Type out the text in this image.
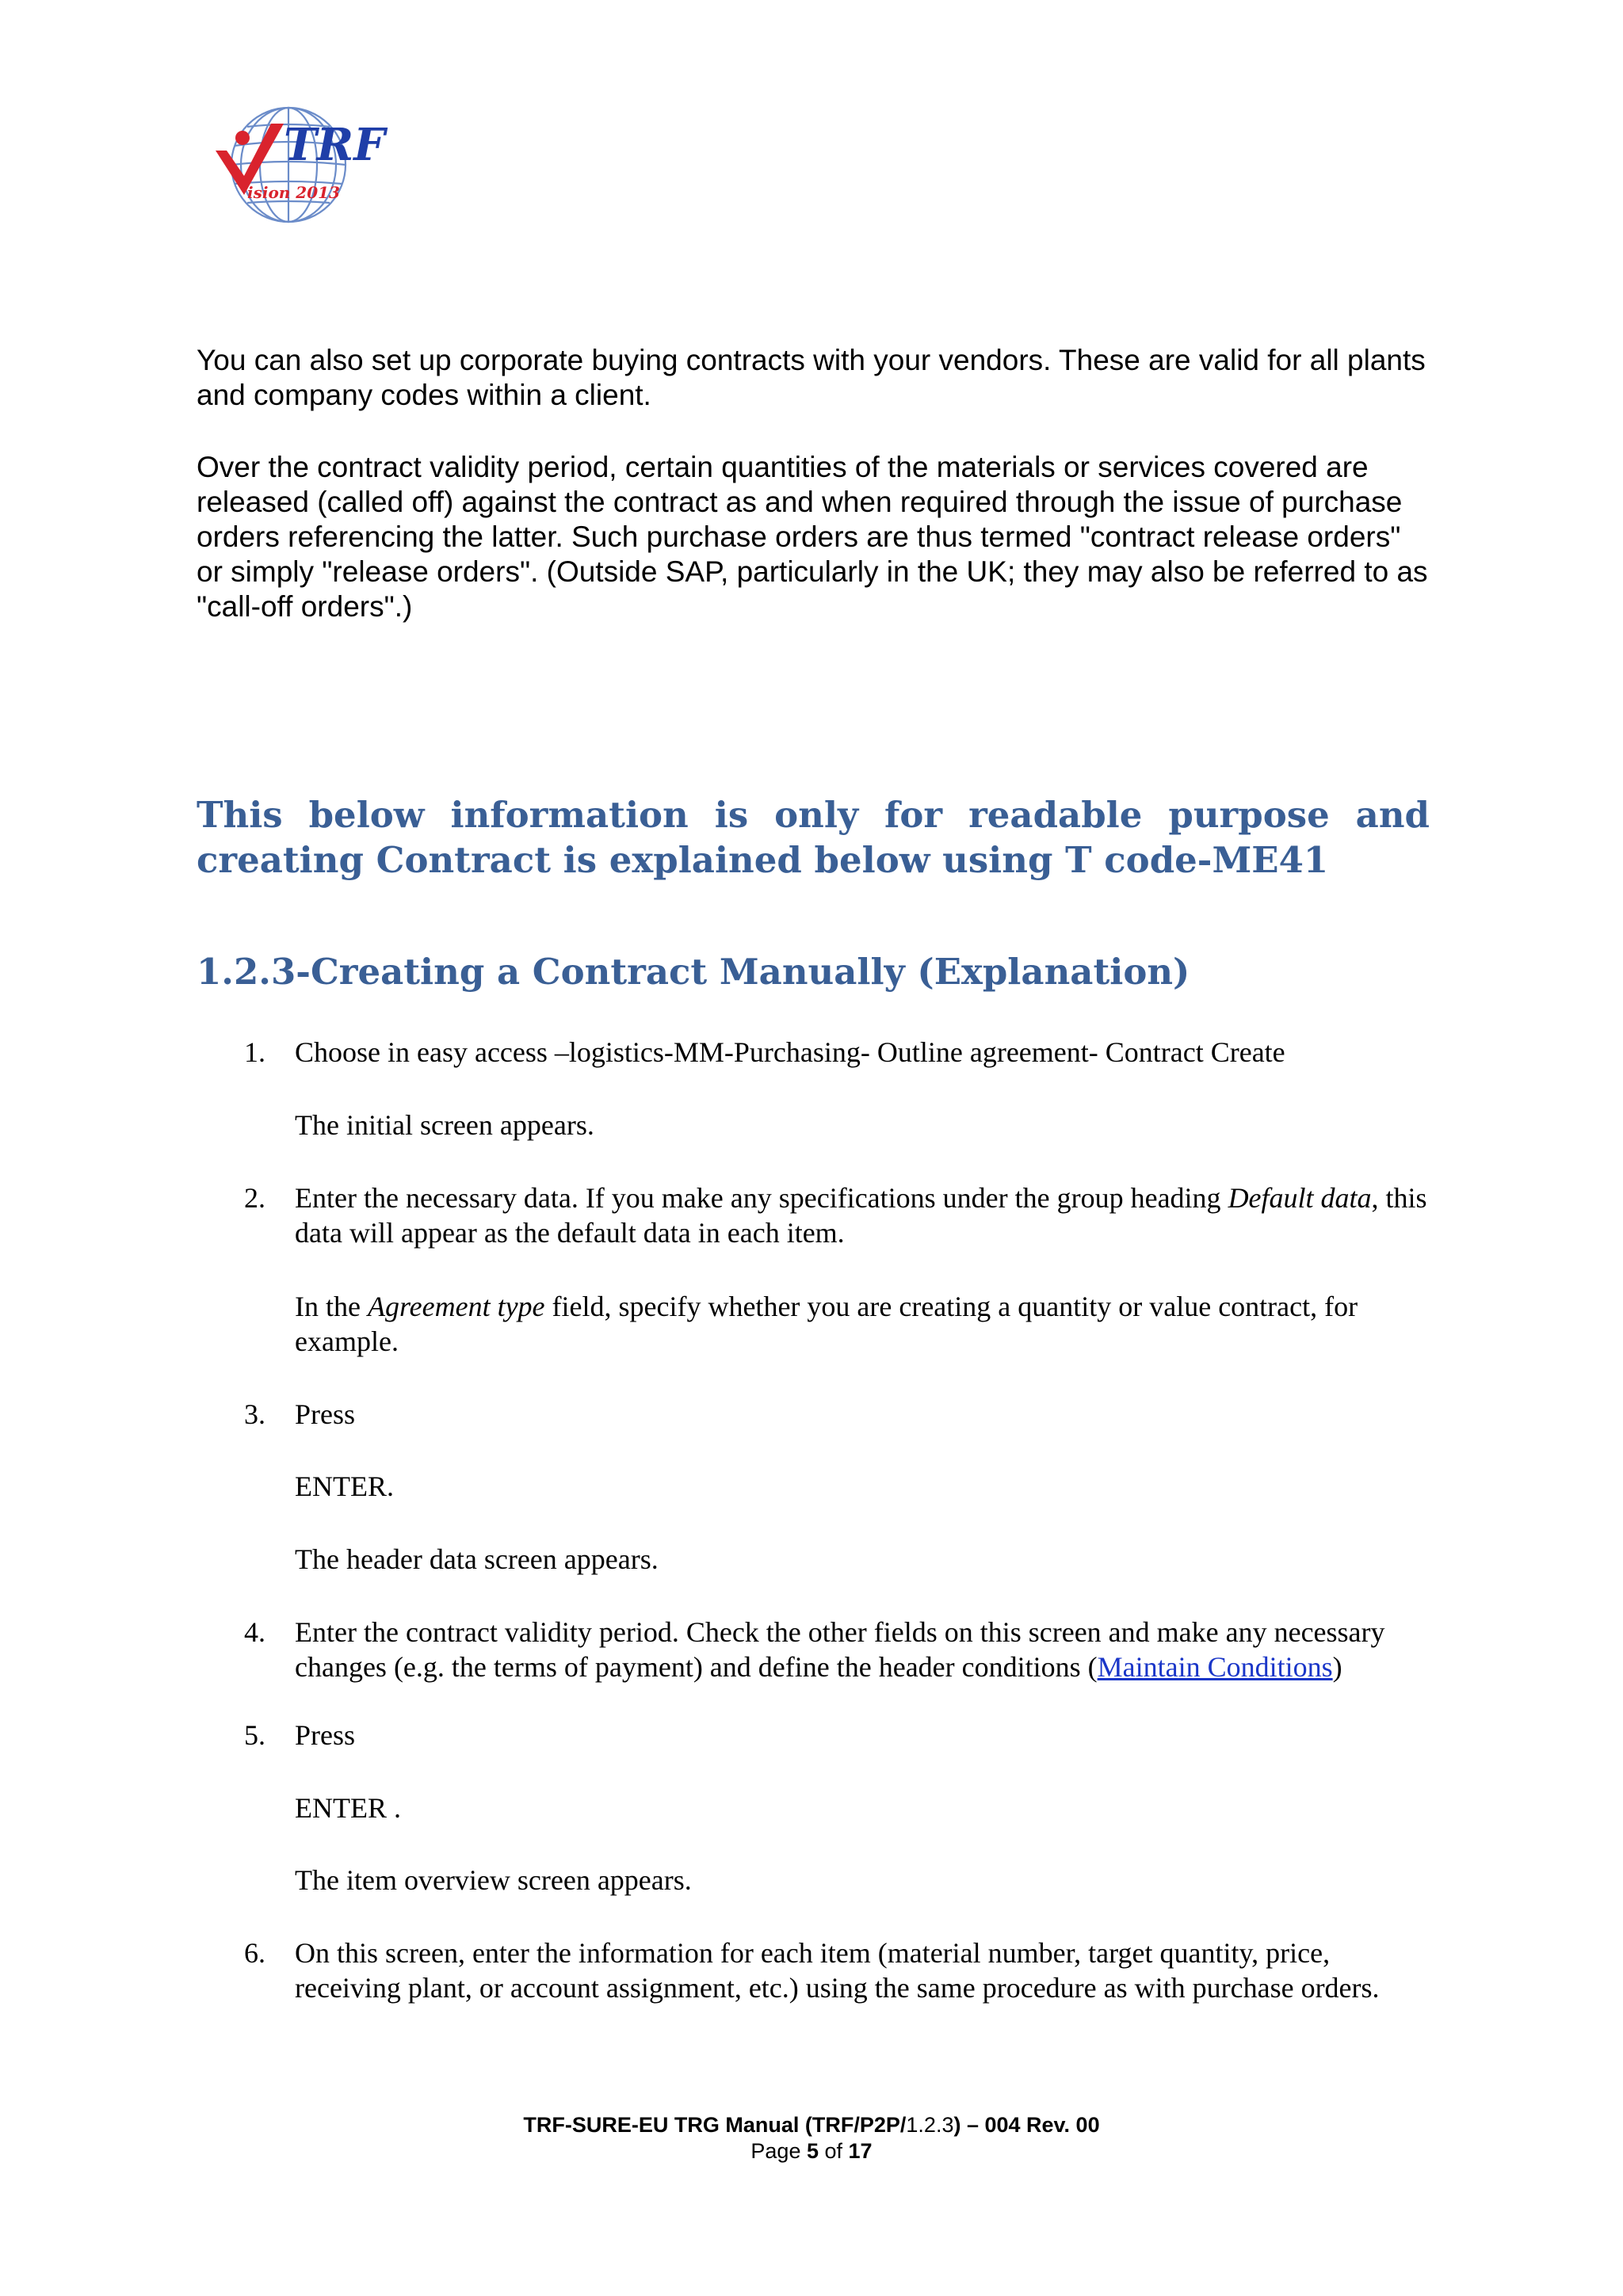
TRF
ision 2013

You can also set up corporate buying contracts with your vendors. These are valid for all plants and company codes within a client.

Over the contract validity period, certain quantities of the materials or services covered are released (called off) against the contract as and when required through the issue of purchase orders referencing the latter. Such purchase orders are thus termed "contract release orders" or simply "release orders". (Outside SAP, particularly in the UK; they may also be referred to as "call-off orders".)

This below information is only for readable purpose and creating Contract is explained below using T code-ME41
1.2.3-Creating a Contract Manually (Explanation)
1.	Choose in easy access –logistics-MM-Purchasing- Outline agreement- Contract Create

The initial screen appears.

2.	Enter the necessary data. If you make any specifications under the group heading Default data, this data will appear as the default data in each item.

In the Agreement type field, specify whether you are creating a quantity or value contract, for example.

3.	Press

ENTER.

The header data screen appears.

4.	Enter the contract validity period. Check the other fields on this screen and make any necessary changes (e.g. the terms of payment) and define the header conditions (Maintain Conditions)

5.	Press

ENTER .

The item overview screen appears.

6.	On this screen, enter the information for each item (material number, target quantity, price, receiving plant, or account assignment, etc.) using the same procedure as with purchase orders.

TRF-SURE-EU TRG Manual (TRF/P2P/1.2.3) – 004 Rev. 00
Page 5 of 17
